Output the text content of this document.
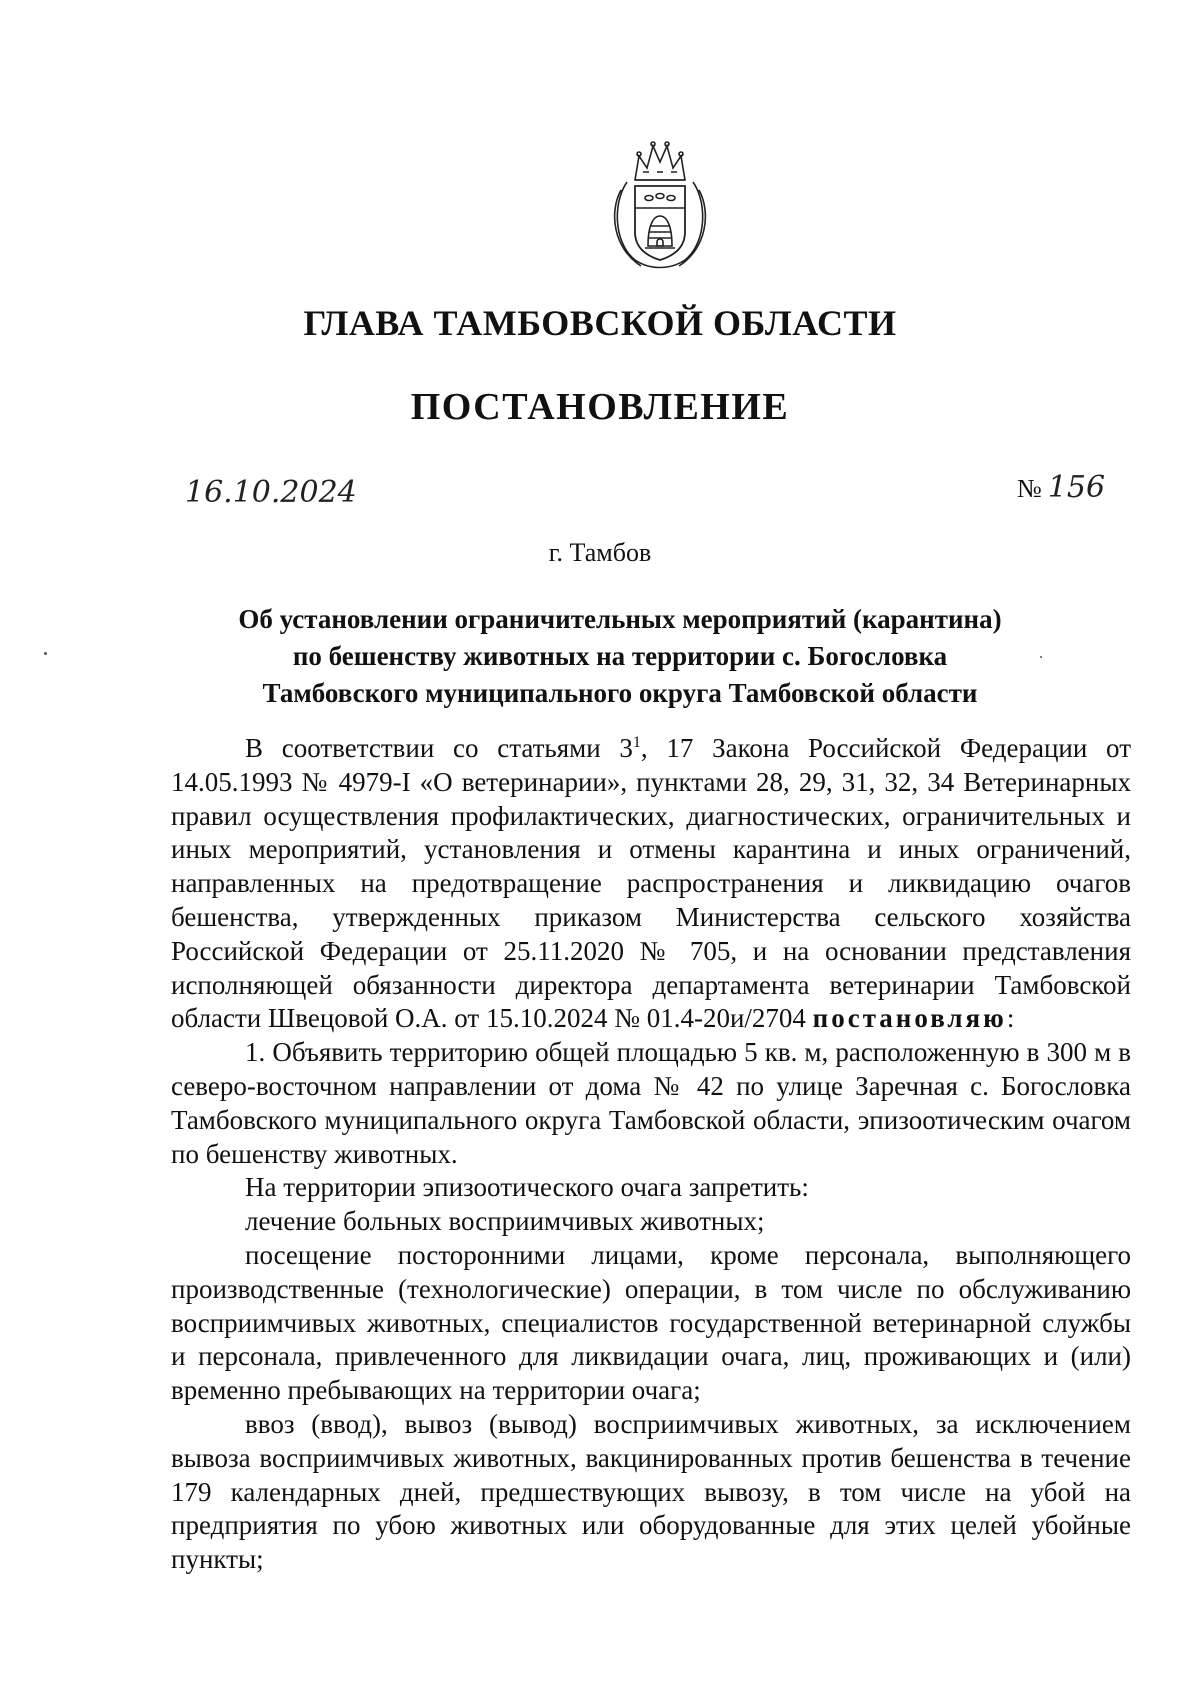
ГЛАВА ТАМБОВСКОЙ ОБЛАСТИ
ПОСТАНОВЛЕНИЕ
16.10.2024	№ 156
г. Тамбов
Об установлении ограничительных мероприятий (карантина)
по бешенству животных на территории с. Богословка
Тамбовского муниципального округа Тамбовской области

В соответствии со статьями $3^1$, 17 Закона Российской Федерации от 14.05.1993 № 4979-I «О ветеринарии», пунктами 28, 29, 31, 32, 34 Ветеринарных правил осуществления профилактических, диагностических, ограничительных и иных мероприятий, установления и отмены карантина и иных ограничений, направленных на предотвращение распространения и ликвидацию очагов бешенства, утвержденных приказом Министерства сельского хозяйства Российской Федерации от 25.11.2020 № 705, и на основании представления исполняющей обязанности директора департамента ветеринарии Тамбовской области Швецовой О.А. от 15.10.2024 № 01.4-20и/2704 постановляю:

1. Объявить территорию общей площадью 5 кв. м, расположенную в 300 м в северо-восточном направлении от дома № 42 по улице Заречная с. Богословка Тамбовского муниципального округа Тамбовской области, эпизоотическим очагом по бешенству животных.

На территории эпизоотического очага запретить:

лечение больных восприимчивых животных;

посещение посторонними лицами, кроме персонала, выполняющего производственные (технологические) операции, в том числе по обслуживанию восприимчивых животных, специалистов государственной ветеринарной службы и персонала, привлеченного для ликвидации очага, лиц, проживающих и (или) временно пребывающих на территории очага;

ввоз (ввод), вывоз (вывод) восприимчивых животных, за исключением вывоза восприимчивых животных, вакцинированных против бешенства в течение 179 календарных дней, предшествующих вывозу, в том числе на убой на предприятия по убою животных или оборудованные для этих целей убойные пункты;
